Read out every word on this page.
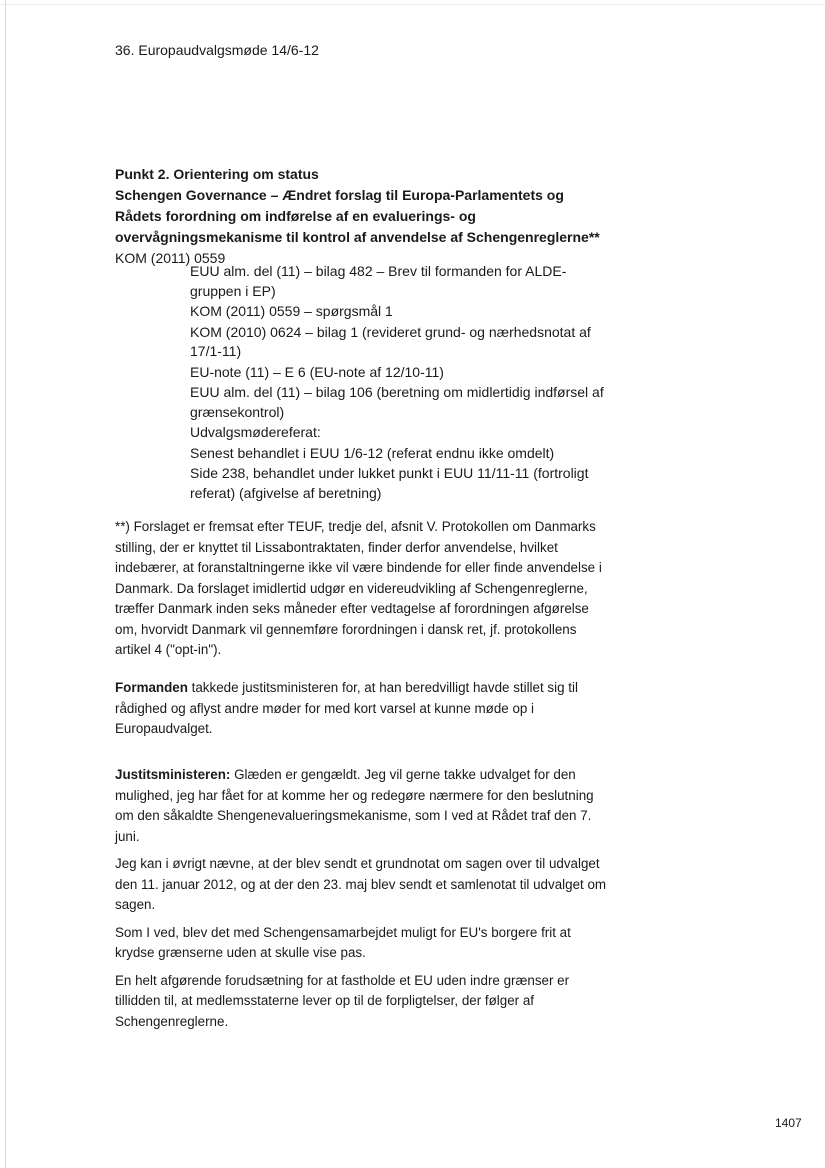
36. Europaudvalgsmøde 14/6-12
Punkt 2. Orientering om status
Schengen Governance – Ændret forslag til Europa-Parlamentets og
Rådets forordning om indførelse af en evaluerings- og
overvågningsmekanisme til kontrol af anvendelse af Schengenreglerne**
KOM (2011) 0559
EUU alm. del (11) – bilag 482 – Brev til formanden for ALDE-gruppen i EP)
KOM (2011) 0559 – spørgsmål 1
KOM (2010) 0624 – bilag 1 (revideret grund- og nærhedsnotat af 17/1-11)
EU-note (11) – E 6 (EU-note af 12/10-11)
EUU alm. del (11) – bilag 106 (beretning om midlertidig indførsel af grænsekontrol)
Udvalgsmødereferat:
Senest behandlet i EUU 1/6-12 (referat endnu ikke omdelt)
Side 238, behandlet under lukket punkt i EUU 11/11-11 (fortroligt referat) (afgivelse af beretning)
**) Forslaget er fremsat efter TEUF, tredje del, afsnit V. Protokollen om Danmarks stilling, der er knyttet til Lissabontraktaten, finder derfor anvendelse, hvilket indebærer, at foranstaltningerne ikke vil være bindende for eller finde anvendelse i Danmark. Da forslaget imidlertid udgør en videreudvikling af Schengenreglerne, træffer Danmark inden seks måneder efter vedtagelse af forordningen afgørelse om, hvorvidt Danmark vil gennemføre forordningen i dansk ret, jf. protokollens artikel 4 ("opt-in").

Formanden takkede justitsministeren for, at han beredvilligt havde stillet sig til rådighed og aflyst andre møder for med kort varsel at kunne møde op i Europaudvalget.

Justitsministeren: Glæden er gengældt. Jeg vil gerne takke udvalget for den mulighed, jeg har fået for at komme her og redegøre nærmere for den beslutning om den såkaldte Shengenevalueringsmekanisme, som I ved at Rådet traf den 7. juni.

Jeg kan i øvrigt nævne, at der blev sendt et grundnotat om sagen over til udvalget den 11. januar 2012, og at der den 23. maj blev sendt et samlenotat til udvalget om sagen.

Som I ved, blev det med Schengensamarbejdet muligt for EU's borgere frit at krydse grænserne uden at skulle vise pas.

En helt afgørende forudsætning for at fastholde et EU uden indre grænser er tillidden til, at medlemsstaterne lever op til de forpligtelser, der følger af Schengenreglerne.

1407
